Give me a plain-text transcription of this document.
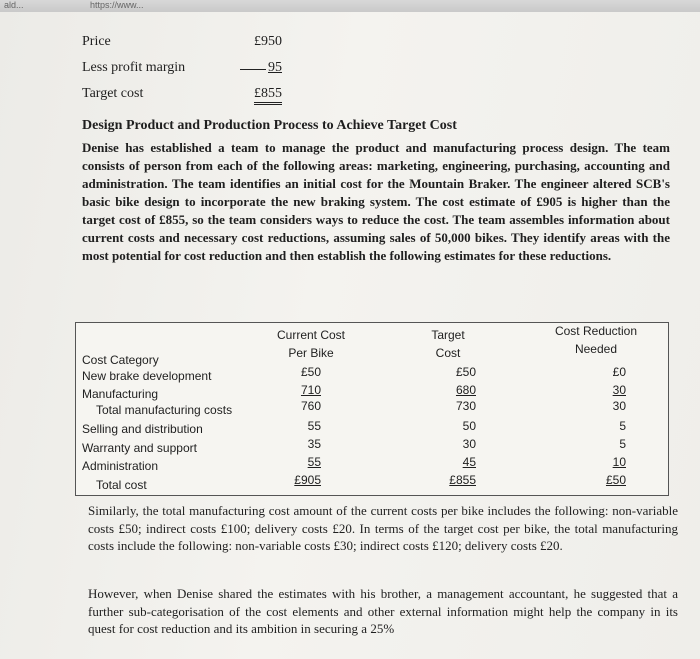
ald...	https://www...
Price	£950
Less profit margin	95
Target cost	£855
Design Product and Production Process to Achieve Target Cost
Denise has established a team to manage the product and manufacturing process design. The team consists of person from each of the following areas: marketing, engineering, purchasing, accounting and administration. The team identifies an initial cost for the Mountain Braker. The engineer altered SCB's basic bike design to incorporate the new braking system. The cost estimate of £905 is higher than the target cost of £855, so the team considers ways to reduce the cost. The team assembles information about current costs and necessary cost reductions, assuming sales of 50,000 bikes. They identify areas with the most potential for cost reduction and then establish the following estimates for these reductions.
Current Cost
Per Bike
Target
Cost
Cost Reduction
Needed
Cost Category
New brake development	£50	£50	£0
Manufacturing	710	680	30
Total manufacturing costs	760	730	30
Selling and distribution	55	50	5
Warranty and support	35	30	5
Administration	55	45	10
Total cost	£905	£855	£50
Similarly, the total manufacturing cost amount of the current costs per bike includes the following: non-variable costs £50; indirect costs £100; delivery costs £20. In terms of the target cost per bike, the total manufacturing costs include the following: non-variable costs £30; indirect costs £120; delivery costs £20.
However, when Denise shared the estimates with his brother, a management accountant, he suggested that a further sub-categorisation of the cost elements and other external information might help the company in its quest for cost reduction and its ambition in securing a 25%
